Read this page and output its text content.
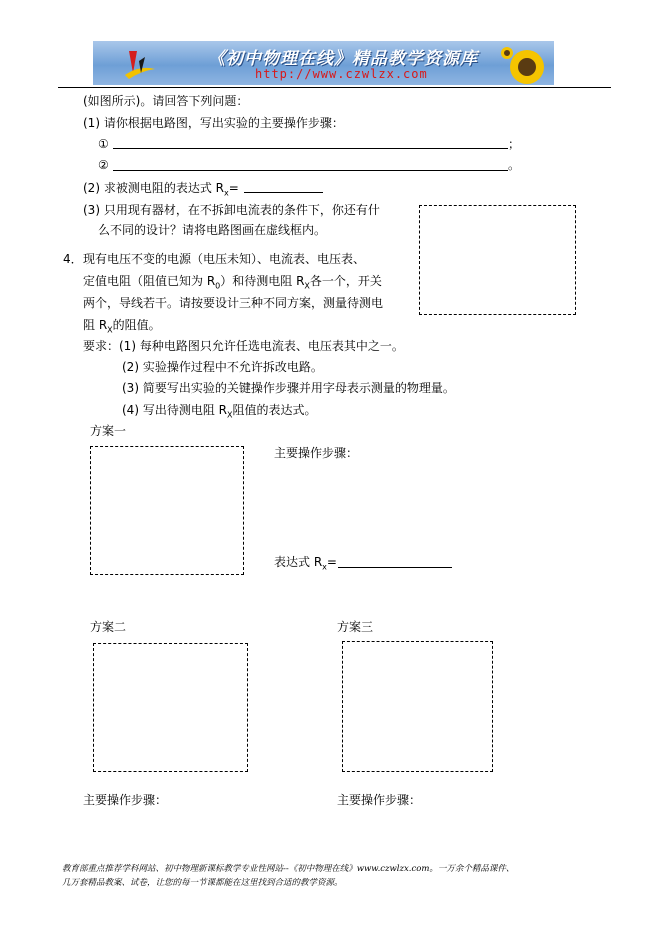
《初中物理在线》精品教学资源库
http://www.czwlzx.com
(如图所示)。请回答下列问题：
(1) 请你根据电路图，写出实验的主要操作步骤：
①	；
②	。
(2) 求被测电阻的表达式 $R_x=$
(3) 只用现有器材，在不拆卸电流表的条件下，你还有什
么不同的设计？请将电路图画在虚线框内。
4． 现有电压不变的电源（电压未知）、电流表、电压表、
定值电阻（阻值已知为 $R_0$）和待测电阻 $R_X$各一个，开关
两个，导线若干。请按要设计三种不同方案，测量待测电
阻 $R_X$的阻值。
要求：(1) 每种电路图只允许任选电流表、电压表其中之一。
(2) 实验操作过程中不允许拆改电路。
(3) 简要写出实验的关键操作步骤并用字母表示测量的物理量。
(4) 写出待测电阻 $R_X$阻值的表达式。
方案一
主要操作步骤：
表达式 $R_x=$
方案二
主要操作步骤：
方案三
主要操作步骤：
教育部重点推荐学科网站、初中物理新课标教学专业性网站--《初中物理在线》www.czwlzx.com。一万余个精品课件、
几万套精品教案、试卷，让您的每一节课都能在这里找到合适的教学资源。
